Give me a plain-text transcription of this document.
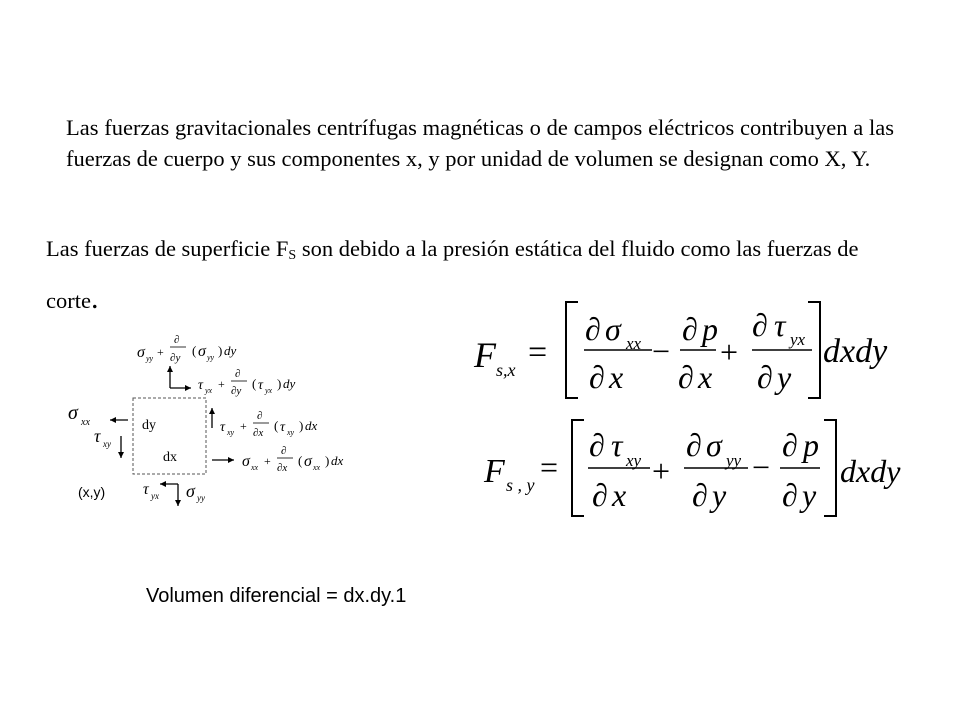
Las fuerzas gravitacionales centrífugas magnéticas o de campos eléctricos contribuyen a las fuerzas de cuerpo y sus componentes x, y por unidad de volumen se designan como X, Y.
Las fuerzas de superficie $F_S$ son debido a la presión estática del fluido como las fuerzas de corte.
dy
dx
(x,y)
σ yy +
∂
∂y ( σ yy ) dy
τ yx +
∂
∂y ( τ yx ) dy
σ xx
τ xy
τ xy +
∂
∂x ( τ xy ) dx
σ xx +
∂
∂x ( σ xx ) dx
τ yx σ yy
F s,x =
∂ σ xx
∂ x
−
∂ p
∂ x
+
∂ τ yx
∂ y
dxdy
F s , y =
∂ τ xy
∂ x
+
∂ σ yy
∂ y
−
∂ p
∂ y
dxdy
Volumen diferencial = dx.dy.1
